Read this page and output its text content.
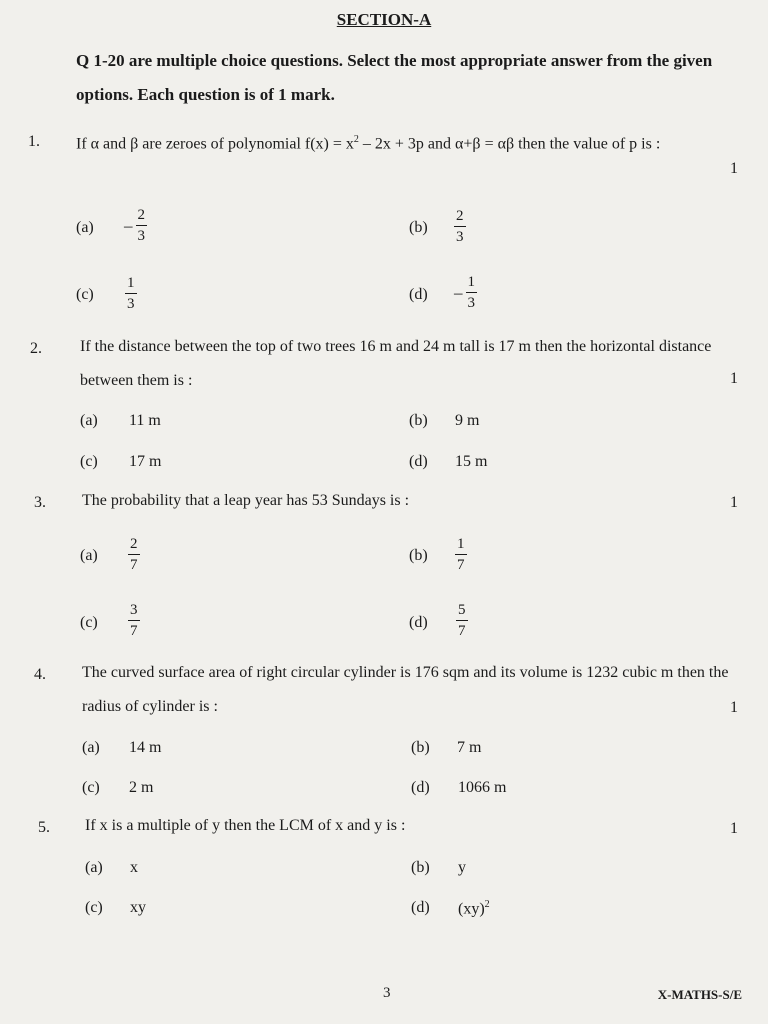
SECTION-A
Q 1-20 are multiple choice questions. Select the most appropriate answer from the given options. Each question is of 1 mark.
1. If α and β are zeroes of polynomial $f(x) = x^2 - 2x + 3p$ and α+β = αβ then the value of p is :
1
$(a) - \frac{2}{3}$	$(b) \frac{2}{3}$
$(c) \frac{1}{3}$	$(d) - \frac{1}{3}$
2. If the distance between the top of two trees 16 m and 24 m tall is 17 m then the horizontal distance between them is :	1
(a) 11 m	(b) 9 m
(c) 17 m	(d) 15 m
3. The probability that a leap year has 53 Sundays is :	1
$(a) \frac{2}{7}$	$(b) \frac{1}{7}$
$(c) \frac{3}{7}$	$(d) \frac{5}{7}$
4. The curved surface area of right circular cylinder is 176 sqm and its volume is 1232 cubic m then the radius of cylinder is :	1
(a) 14 m	(b) 7 m
(c) 2 m	(d) 1066 m
5. If x is a multiple of y then the LCM of x and y is :	1
(a) x	(b) y
(c) xy	(d) (xy)$^2$
3	X-MATHS-S/E
